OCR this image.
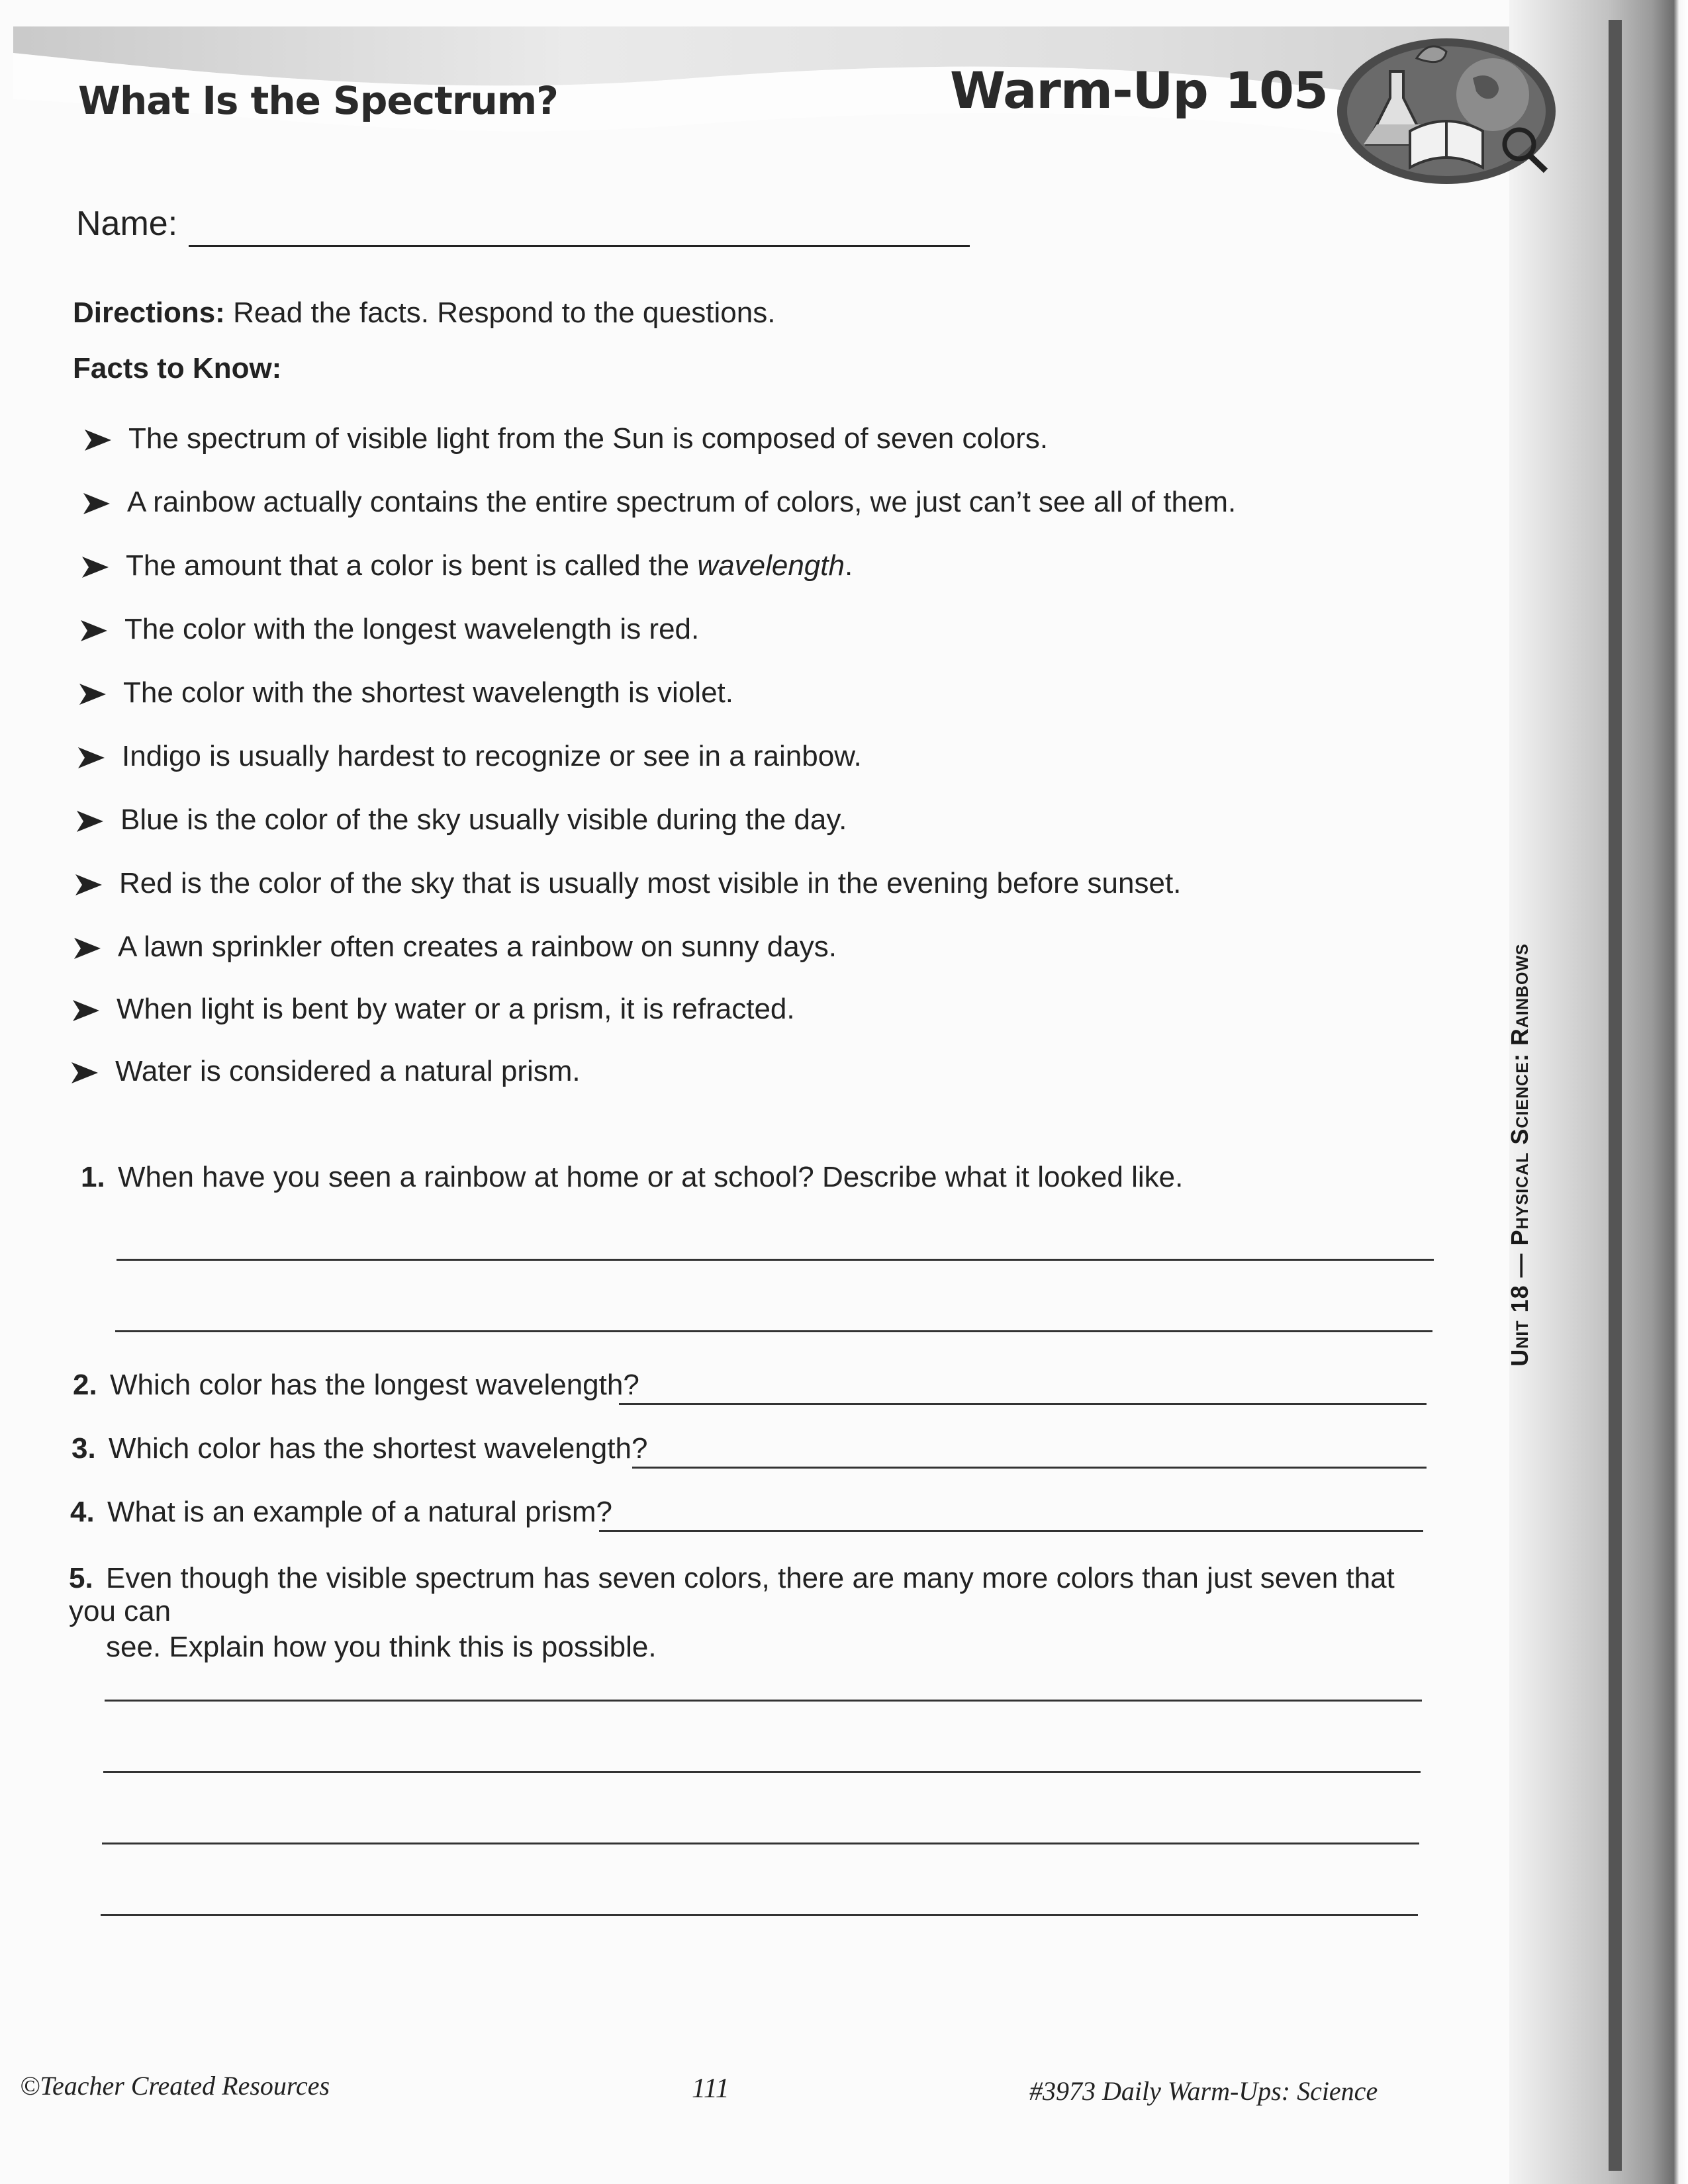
What Is the Spectrum?	Warm-Up 105
Name:
Directions: Read the facts. Respond to the questions.
Facts to Know:
The spectrum of visible light from the Sun is composed of seven colors.
A rainbow actually contains the entire spectrum of colors, we just can’t see all of them.
The amount that a color is bent is called the wavelength.
The color with the longest wavelength is red.
The color with the shortest wavelength is violet.
Indigo is usually hardest to recognize or see in a rainbow.
Blue is the color of the sky usually visible during the day.
Red is the color of the sky that is usually most visible in the evening before sunset.
A lawn sprinkler often creates a rainbow on sunny days.
When light is bent by water or a prism, it is refracted.
Water is considered a natural prism.
1. When have you seen a rainbow at home or at school? Describe what it looked like.
2. Which color has the longest wavelength?
3. Which color has the shortest wavelength?
4. What is an example of a natural prism?
5. Even though the visible spectrum has seven colors, there are many more colors than just seven that you can
see. Explain how you think this is possible.
Unit 18 — Physical Science: Rainbows
©Teacher Created Resources	111	#3973 Daily Warm-Ups: Science
